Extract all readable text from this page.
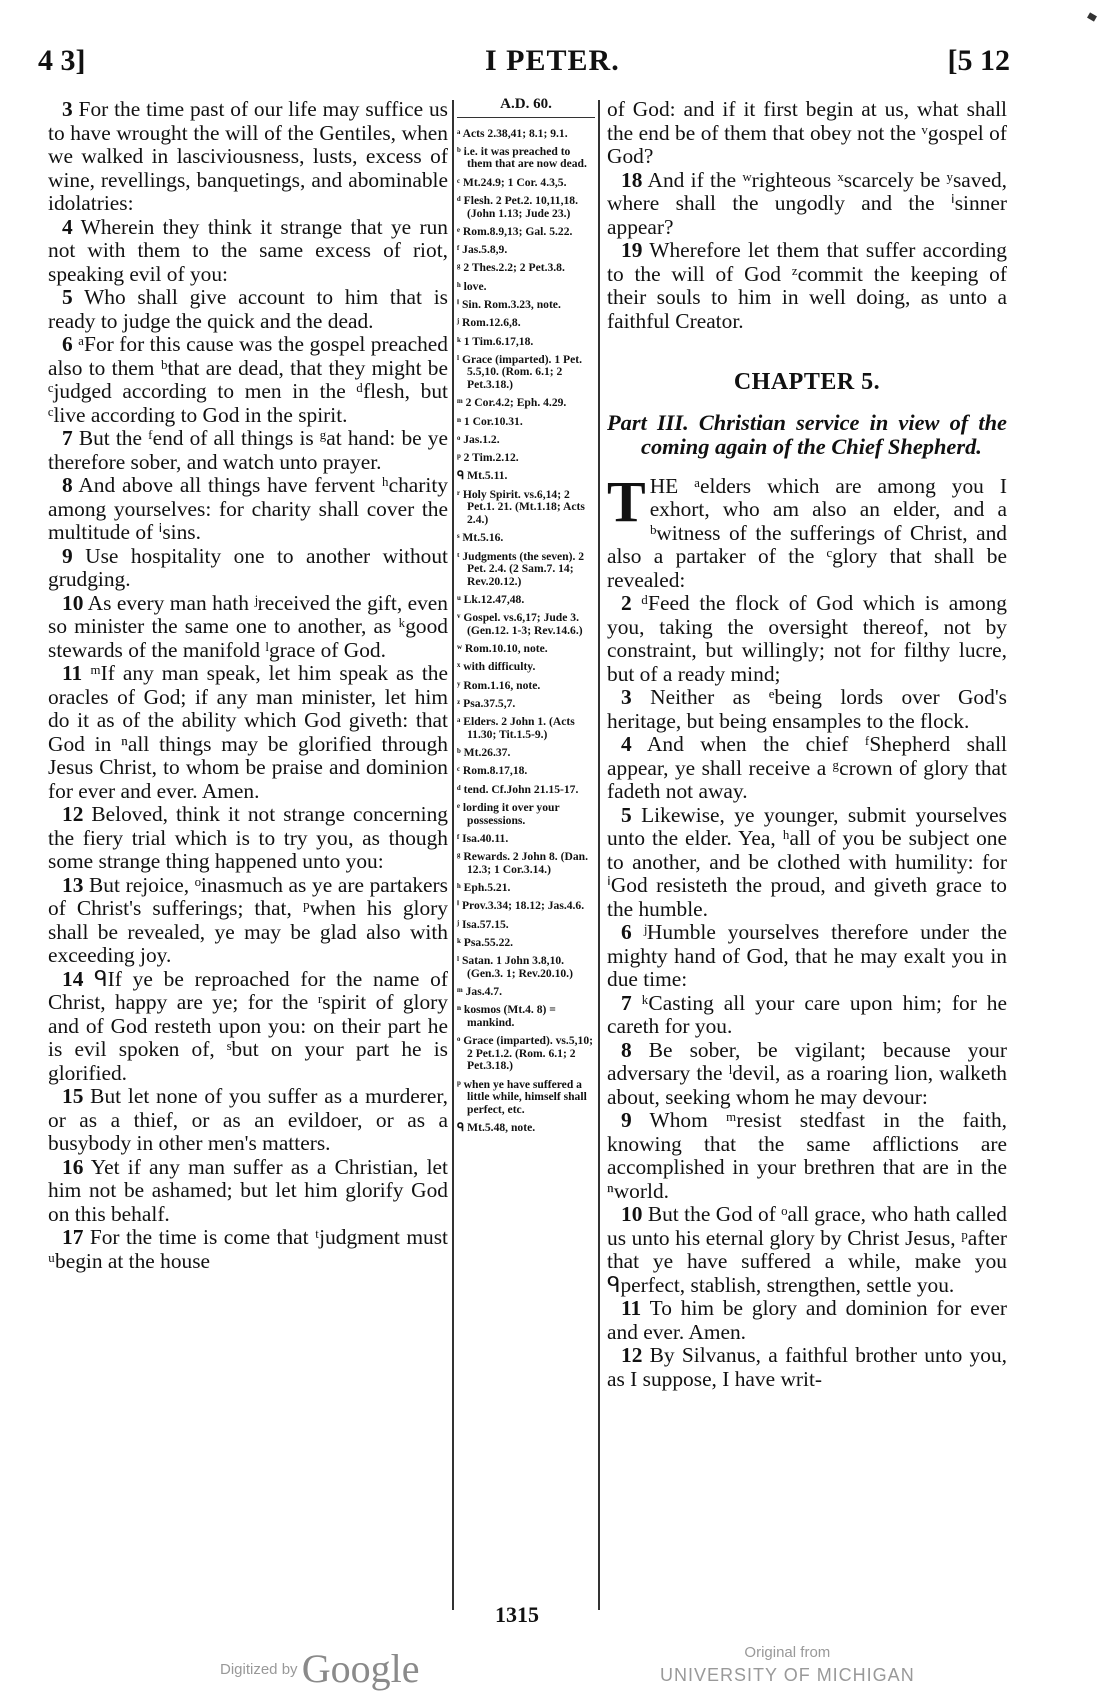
4 3]	I PETER.	[5 12

3 For the time past of our life may suffice us to have wrought the will of the Gentiles, when we walked in lasciviousness, lusts, excess of wine, revellings, banquetings, and abominable idolatries:

4 Wherein they think it strange that ye run not with them to the same excess of riot, speaking evil of you:

5 Who shall give account to him that is ready to judge the quick and the dead.

6 ᵃFor for this cause was the gospel preached also to them ᵇthat are dead, that they might be ᶜjudged according to men in the ᵈflesh, but ᶜlive according to God in the spirit.

7 But the ᶠend of all things is ᵍat hand: be ye therefore sober, and watch unto prayer.

8 And above all things have fervent ʰcharity among yourselves: for charity shall cover the multitude of ⁱsins.

9 Use hospitality one to another without grudging.

10 As every man hath ʲreceived the gift, even so minister the same one to another, as ᵏgood stewards of the manifold ˡgrace of God.

11 ᵐIf any man speak, let him speak as the oracles of God; if any man minister, let him do it as of the ability which God giveth: that God in ⁿall things may be glorified through Jesus Christ, to whom be praise and dominion for ever and ever. Amen.

12 Beloved, think it not strange concerning the fiery trial which is to try you, as though some strange thing happened unto you:

13 But rejoice, ᵒinasmuch as ye are partakers of Christ's sufferings; that, ᵖwhen his glory shall be revealed, ye may be glad also with exceeding joy.

14 ᑫIf ye be reproached for the name of Christ, happy are ye; for the ʳspirit of glory and of God resteth upon you: on their part he is evil spoken of, ˢbut on your part he is glorified.

15 But let none of you suffer as a murderer, or as a thief, or as an evildoer, or as a busybody in other men's matters.

16 Yet if any man suffer as a Christian, let him not be ashamed; but let him glorify God on this behalf.

17 For the time is come that ᵗjudgment must ᵘbegin at the house

A.D. 60.
ᵃ Acts 2.38,41; 8.1; 9.1.
ᵇ i.e. it was preached to them that are now dead.
ᶜ Mt.24.9; 1 Cor. 4.3,5.
ᵈ Flesh. 2 Pet.2. 10,11,18. (John 1.13; Jude 23.)
ᵉ Rom.8.9,13; Gal. 5.22.
ᶠ Jas.5.8,9.
ᵍ 2 Thes.2.2; 2 Pet.3.8.
ʰ love.
ⁱ Sin. Rom.3.23, note.
ʲ Rom.12.6,8.
ᵏ 1 Tim.6.17,18.
ˡ Grace (imparted). 1 Pet. 5.5,10. (Rom. 6.1; 2 Pet.3.18.)
ᵐ 2 Cor.4.2; Eph. 4.29.
ⁿ 1 Cor.10.31.
ᵒ Jas.1.2.
ᵖ 2 Tim.2.12.
ᑫ Mt.5.11.
ʳ Holy Spirit. vs.6,14; 2 Pet.1. 21. (Mt.1.18; Acts 2.4.)
ˢ Mt.5.16.
ᵗ Judgments (the seven). 2 Pet. 2.4. (2 Sam.7. 14; Rev.20.12.)
ᵘ Lk.12.47,48.
ᵛ Gospel. vs.6,17; Jude 3. (Gen.12. 1-3; Rev.14.6.)
ʷ Rom.10.10, note.
ˣ with difficulty.
ʸ Rom.1.16, note.
ᶻ Psa.37.5,7.
ᵃ Elders. 2 John 1. (Acts 11.30; Tit.1.5-9.)
ᵇ Mt.26.37.
ᶜ Rom.8.17,18.
ᵈ tend. Cf.John 21.15-17.
ᵉ lording it over your possessions.
ᶠ Isa.40.11.
ᵍ Rewards. 2 John 8. (Dan. 12.3; 1 Cor.3.14.)
ʰ Eph.5.21.
ⁱ Prov.3.34; 18.12; Jas.4.6.
ʲ Isa.57.15.
ᵏ Psa.55.22.
ˡ Satan. 1 John 3.8,10. (Gen.3. 1; Rev.20.10.)
ᵐ Jas.4.7.
ⁿ kosmos (Mt.4. 8) = mankind.
ᵒ Grace (imparted). vs.5,10; 2 Pet.1.2. (Rom. 6.1; 2 Pet.3.18.)
ᵖ when ye have suffered a little while, himself shall perfect, etc.
ᑫ Mt.5.48, note.

of God: and if it first begin at us, what shall the end be of them that obey not the ᵛgospel of God?

18 And if the ʷrighteous ˣscarcely be ʸsaved, where shall the ungodly and the ⁱsinner appear?

19 Wherefore let them that suffer according to the will of God ᶻcommit the keeping of their souls to him in well doing, as unto a faithful Creator.

CHAPTER 5.
Part III. Christian service in view of the coming again of the Chief Shepherd.

THE ᵃelders which are among you I exhort, who am also an elder, and a ᵇwitness of the sufferings of Christ, and also a partaker of the ᶜglory that shall be revealed:

2 ᵈFeed the flock of God which is among you, taking the oversight thereof, not by constraint, but willingly; not for filthy lucre, but of a ready mind;

3 Neither as ᵉbeing lords over God's heritage, but being ensamples to the flock.

4 And when the chief ᶠShepherd shall appear, ye shall receive a ᵍcrown of glory that fadeth not away.

5 Likewise, ye younger, submit yourselves unto the elder. Yea, ʰall of you be subject one to another, and be clothed with humility: for ⁱGod resisteth the proud, and giveth grace to the humble.

6 ʲHumble yourselves therefore under the mighty hand of God, that he may exalt you in due time:

7 ᵏCasting all your care upon him; for he careth for you.

8 Be sober, be vigilant; because your adversary the ˡdevil, as a roaring lion, walketh about, seeking whom he may devour:

9 Whom ᵐresist stedfast in the faith, knowing that the same afflictions are accomplished in your brethren that are in the ⁿworld.

10 But the God of ᵒall grace, who hath called us unto his eternal glory by Christ Jesus, ᵖafter that ye have suffered a while, make you ᑫperfect, stablish, strengthen, settle you.

11 To him be glory and dominion for ever and ever. Amen.

12 By Silvanus, a faithful brother unto you, as I suppose, I have writ-

1315
Digitized by Google	Original from
UNIVERSITY OF MICHIGAN
